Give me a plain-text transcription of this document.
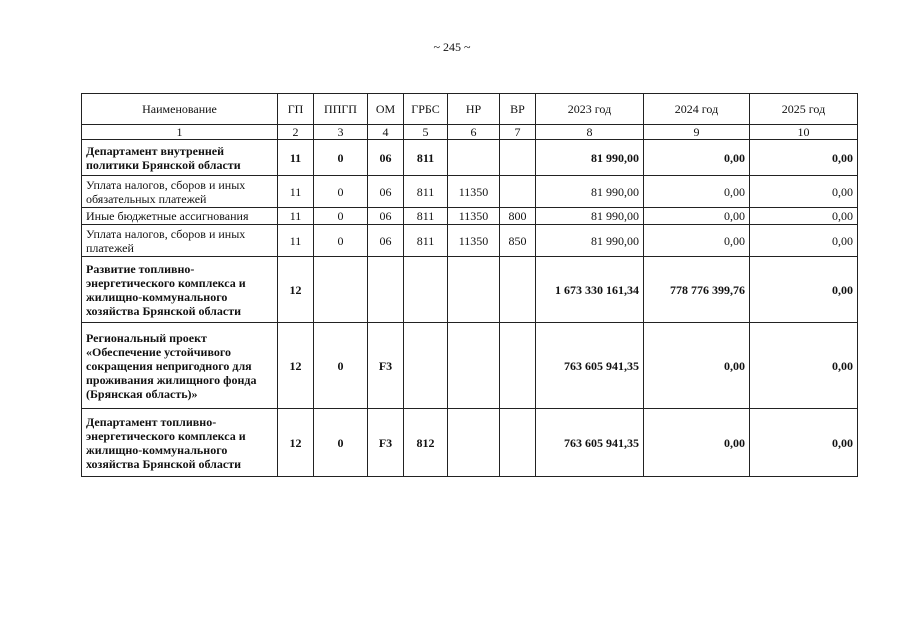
~ 245 ~
Наименование	ГП	ППГП	ОМ	ГРБС	НР	ВР	2023 год	2024 год	2025 год
1	2	3	4	5	6	7	8	9	10
Департамент внутренней политики Брянской области	11	0	06	811			81 990,00	0,00	0,00
Уплата налогов, сборов и иных обязательных платежей	11	0	06	811	11350		81 990,00	0,00	0,00
Иные бюджетные ассигнования	11	0	06	811	11350	800	81 990,00	0,00	0,00
Уплата налогов, сборов и иных платежей	11	0	06	811	11350	850	81 990,00	0,00	0,00
Развитие топливно-энергетического комплекса и жилищно-коммунального хозяйства Брянской области	12						1 673 330 161,34	778 776 399,76	0,00
Региональный проект «Обеспечение устойчивого сокращения непригодного для проживания жилищного фонда (Брянская область)»	12	0	F3				763 605 941,35	0,00	0,00
Департамент топливно-энергетического комплекса и жилищно-коммунального хозяйства Брянской области	12	0	F3	812			763 605 941,35	0,00	0,00
